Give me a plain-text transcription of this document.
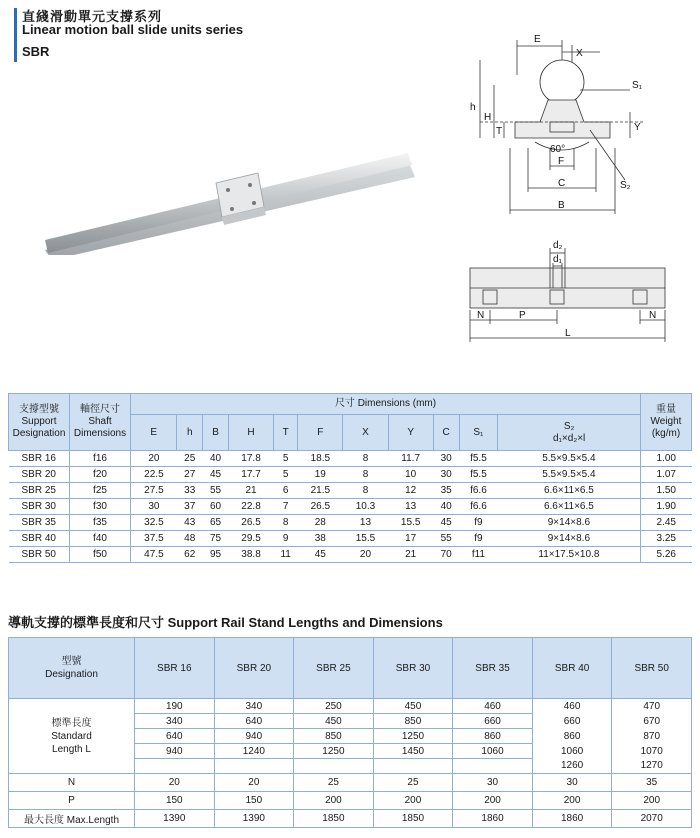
直綫滑動單元支撐系列
Linear motion ball slide units series
SBR
E
X
S₁
h
H
T	Y
60°
F
C	S₂
B
d₂
d₁
N	P	N
L
支撐型號
Support
Designation	軸徑尺寸
Shaft
Dimensions	尺寸 Dimensions (mm)											重量
Weight
(kg/m)
		E	h	B	H	T	F	X	Y	C	S₁	S₂
d₁×d₂×l	
SBR 16	f16	20	25	40	17.8	5	18.5	8	11.7	30	f5.5	5.5×9.5×5.4	1.00
SBR 20	f20	22.5	27	45	17.7	5	19	8	10	30	f5.5	5.5×9.5×5.4	1.07
SBR 25	f25	27.5	33	55	21	6	21.5	8	12	35	f6.6	6.6×11×6.5	1.50
SBR 30	f30	30	37	60	22.8	7	26.5	10.3	13	40	f6.6	6.6×11×6.5	1.90
SBR 35	f35	32.5	43	65	26.5	8	28	13	15.5	45	f9	9×14×8.6	2.45
SBR 40	f40	37.5	48	75	29.5	9	38	15.5	17	55	f9	9×14×8.6	3.25
SBR 50	f50	47.5	62	95	38.8	11	45	20	21	70	f11	11×17.5×10.8	5.26
導軌支撐的標準長度和尺寸 Support Rail Stand Lengths and Dimensions
型號
Designation	SBR 16	SBR 20	SBR 25	SBR 30	SBR 35	SBR 40	SBR 50
標準長度
Standard
Length L	190	340	250	450	460	460	470
	340	640	450	850	660	660	670
	640	940	850	1250	860	860	870
	940	1240	1250	1450	1060	1060	1070
						1260	1270
N	20	20	25	25	30	30	35
P	150	150	200	200	200	200	200
最大長度 Max.Length	1390	1390	1850	1850	1860	1860	2070
